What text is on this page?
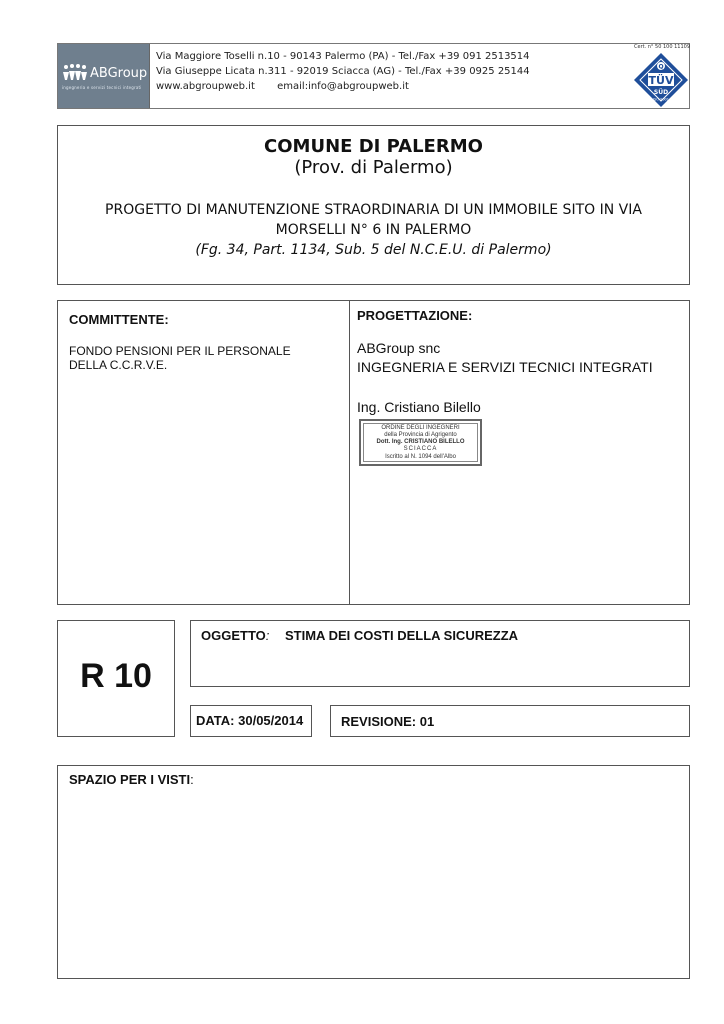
ABGroup
ingegneria e servizi tecnici integrati
Via Maggiore Toselli n.10 - 90143 Palermo (PA) - Tel./Fax +39 091 2513514
Via Giuseppe Licata n.311 - 92019 Sciacca (AG) - Tel./Fax +39 0925 25144
www.abgroupweb.it       email:info@abgroupweb.it
Cert. n° 50 100 11109
Q
TÜV
SÜD
ISO 9001
COMUNE DI PALERMO
(Prov. di Palermo)
PROGETTO DI MANUTENZIONE STRAORDINARIA DI UN IMMOBILE SITO IN VIA
MORSELLI N° 6 IN PALERMO
(Fg. 34, Part. 1134, Sub. 5 del N.C.E.U. di Palermo)
COMMITTENTE:
FONDO PENSIONI PER IL PERSONALE
DELLA C.C.R.V.E.
PROGETTAZIONE:
ABGroup snc
INGEGNERIA E SERVIZI TECNICI INTEGRATI
Ing. Cristiano Bilello
ORDINE DEGLI INGEGNERI
della Provincia di Agrigento
Dott. Ing. CRISTIANO BILELLO
SCIACCA
Iscritto al N. 1094 dell'Albo
R 10
OGGETTO: STIMA DEI COSTI DELLA SICUREZZA
DATA: 30/05/2014	REVISIONE: 01
SPAZIO PER I VISTI:
